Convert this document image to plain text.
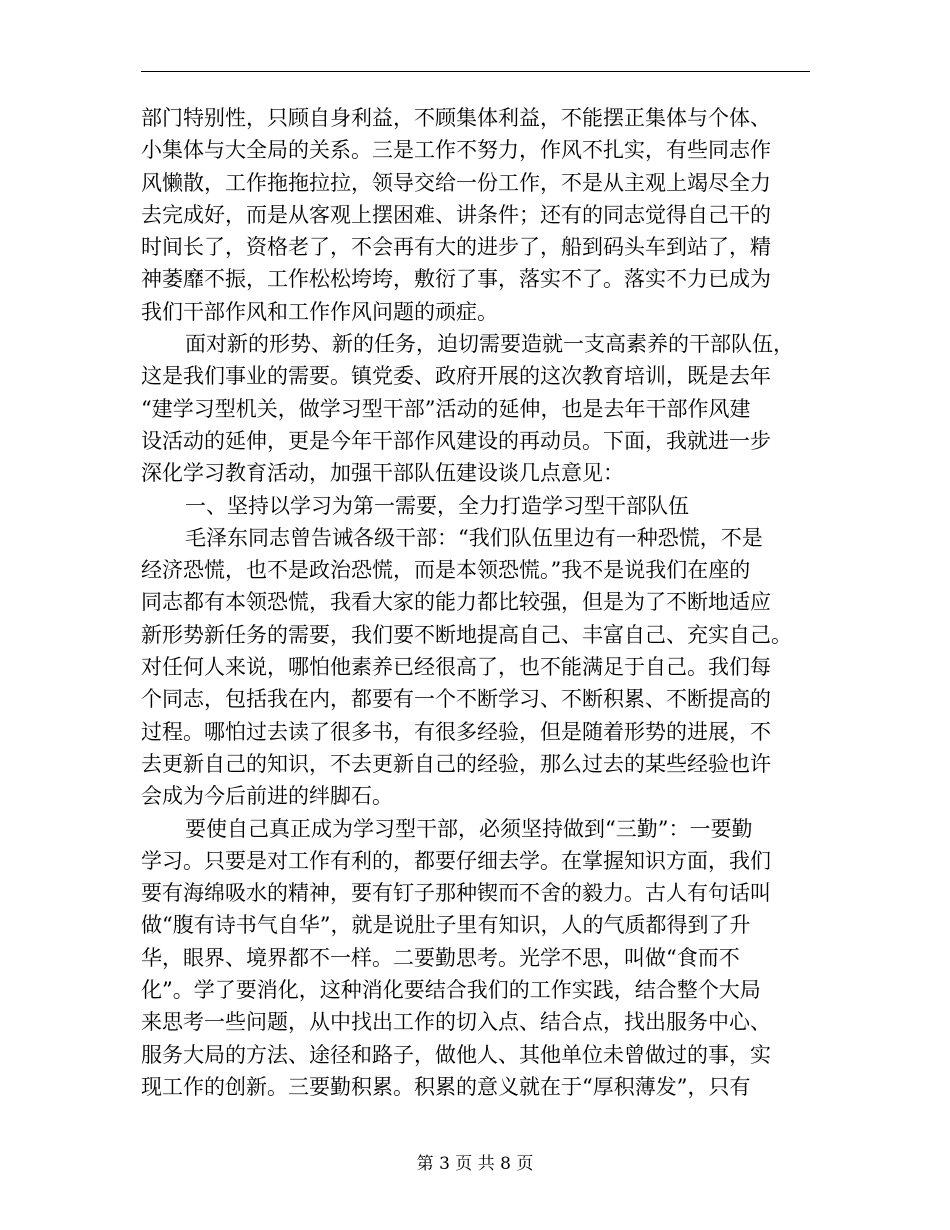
部门特别性，只顾自身利益，不顾集体利益，不能摆正集体与个体、
小集体与大全局的关系。三是工作不努力，作风不扎实，有些同志作
风懒散，工作拖拖拉拉，领导交给一份工作，不是从主观上竭尽全力
去完成好，而是从客观上摆困难、讲条件；还有的同志觉得自己干的
时间长了，资格老了，不会再有大的进步了，船到码头车到站了，精
神萎靡不振，工作松松垮垮，敷衍了事，落实不了。落实不力已成为
我们干部作风和工作作风问题的顽症。
面对新的形势、新的任务，迫切需要造就一支高素养的干部队伍，
这是我们事业的需要。镇党委、政府开展的这次教育培训，既是去年
“建学习型机关，做学习型干部”活动的延伸，也是去年干部作风建
设活动的延伸，更是今年干部作风建设的再动员。下面，我就进一步
深化学习教育活动，加强干部队伍建设谈几点意见：
一、坚持以学习为第一需要，全力打造学习型干部队伍
毛泽东同志曾告诫各级干部：“我们队伍里边有一种恐慌，不是
经济恐慌，也不是政治恐慌，而是本领恐慌。”我不是说我们在座的
同志都有本领恐慌，我看大家的能力都比较强，但是为了不断地适应
新形势新任务的需要，我们要不断地提高自己、丰富自己、充实自己。
对任何人来说，哪怕他素养已经很高了，也不能满足于自己。我们每
个同志，包括我在内，都要有一个不断学习、不断积累、不断提高的
过程。哪怕过去读了很多书，有很多经验，但是随着形势的进展，不
去更新自己的知识，不去更新自己的经验，那么过去的某些经验也许
会成为今后前进的绊脚石。
要使自己真正成为学习型干部，必须坚持做到“三勤”：一要勤
学习。只要是对工作有利的，都要仔细去学。在掌握知识方面，我们
要有海绵吸水的精神，要有钉子那种锲而不舍的毅力。古人有句话叫
做“腹有诗书气自华”，就是说肚子里有知识，人的气质都得到了升
华，眼界、境界都不一样。二要勤思考。光学不思，叫做“食而不
化”。学了要消化，这种消化要结合我们的工作实践，结合整个大局
来思考一些问题，从中找出工作的切入点、结合点，找出服务中心、
服务大局的方法、途径和路子，做他人、其他单位未曾做过的事，实
现工作的创新。三要勤积累。积累的意义就在于“厚积薄发”，只有
第 3 页 共 8 页
